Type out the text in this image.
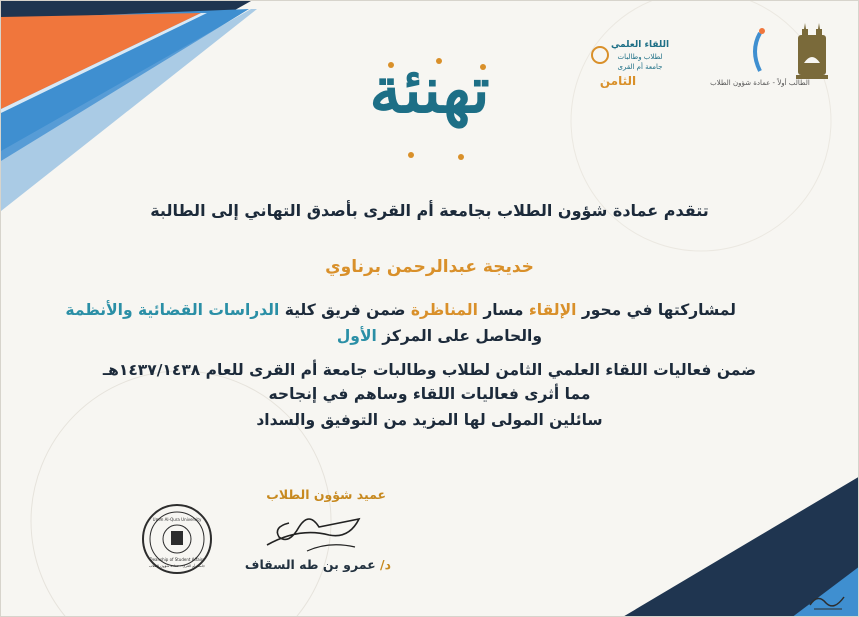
الطالب أولاً - عمادة شؤون الطلاب
اللقاء العلمي
لطلاب وطالبات
جامعة أم القرى
الثامن
تهنئة
تتقدم عمادة شؤون الطلاب بجامعة أم القرى بأصدق التهاني إلى الطالبة
خديجة عبدالرحمن برناوي
لمشاركتها في محور الإلقاء مسار المناظرة ضمن فريق كلية الدراسات القضائية والأنظمة
والحاصل على المركز الأول
ضمن فعاليات اللقاء العلمي الثامن لطلاب وطالبات جامعة أم القرى للعام ١٤٣٧/١٤٣٨هـ
مما أثرى فعاليات اللقاء وساهم في إنجاحه
سائلين المولى لها المزيد من التوفيق والسداد
عميد شؤون الطلاب
د/ عمرو بن طه السقاف
Umm Al-Qura University
Deanship of Student Affairs
جامعة أم القرى - عمادة شؤون الطلاب
